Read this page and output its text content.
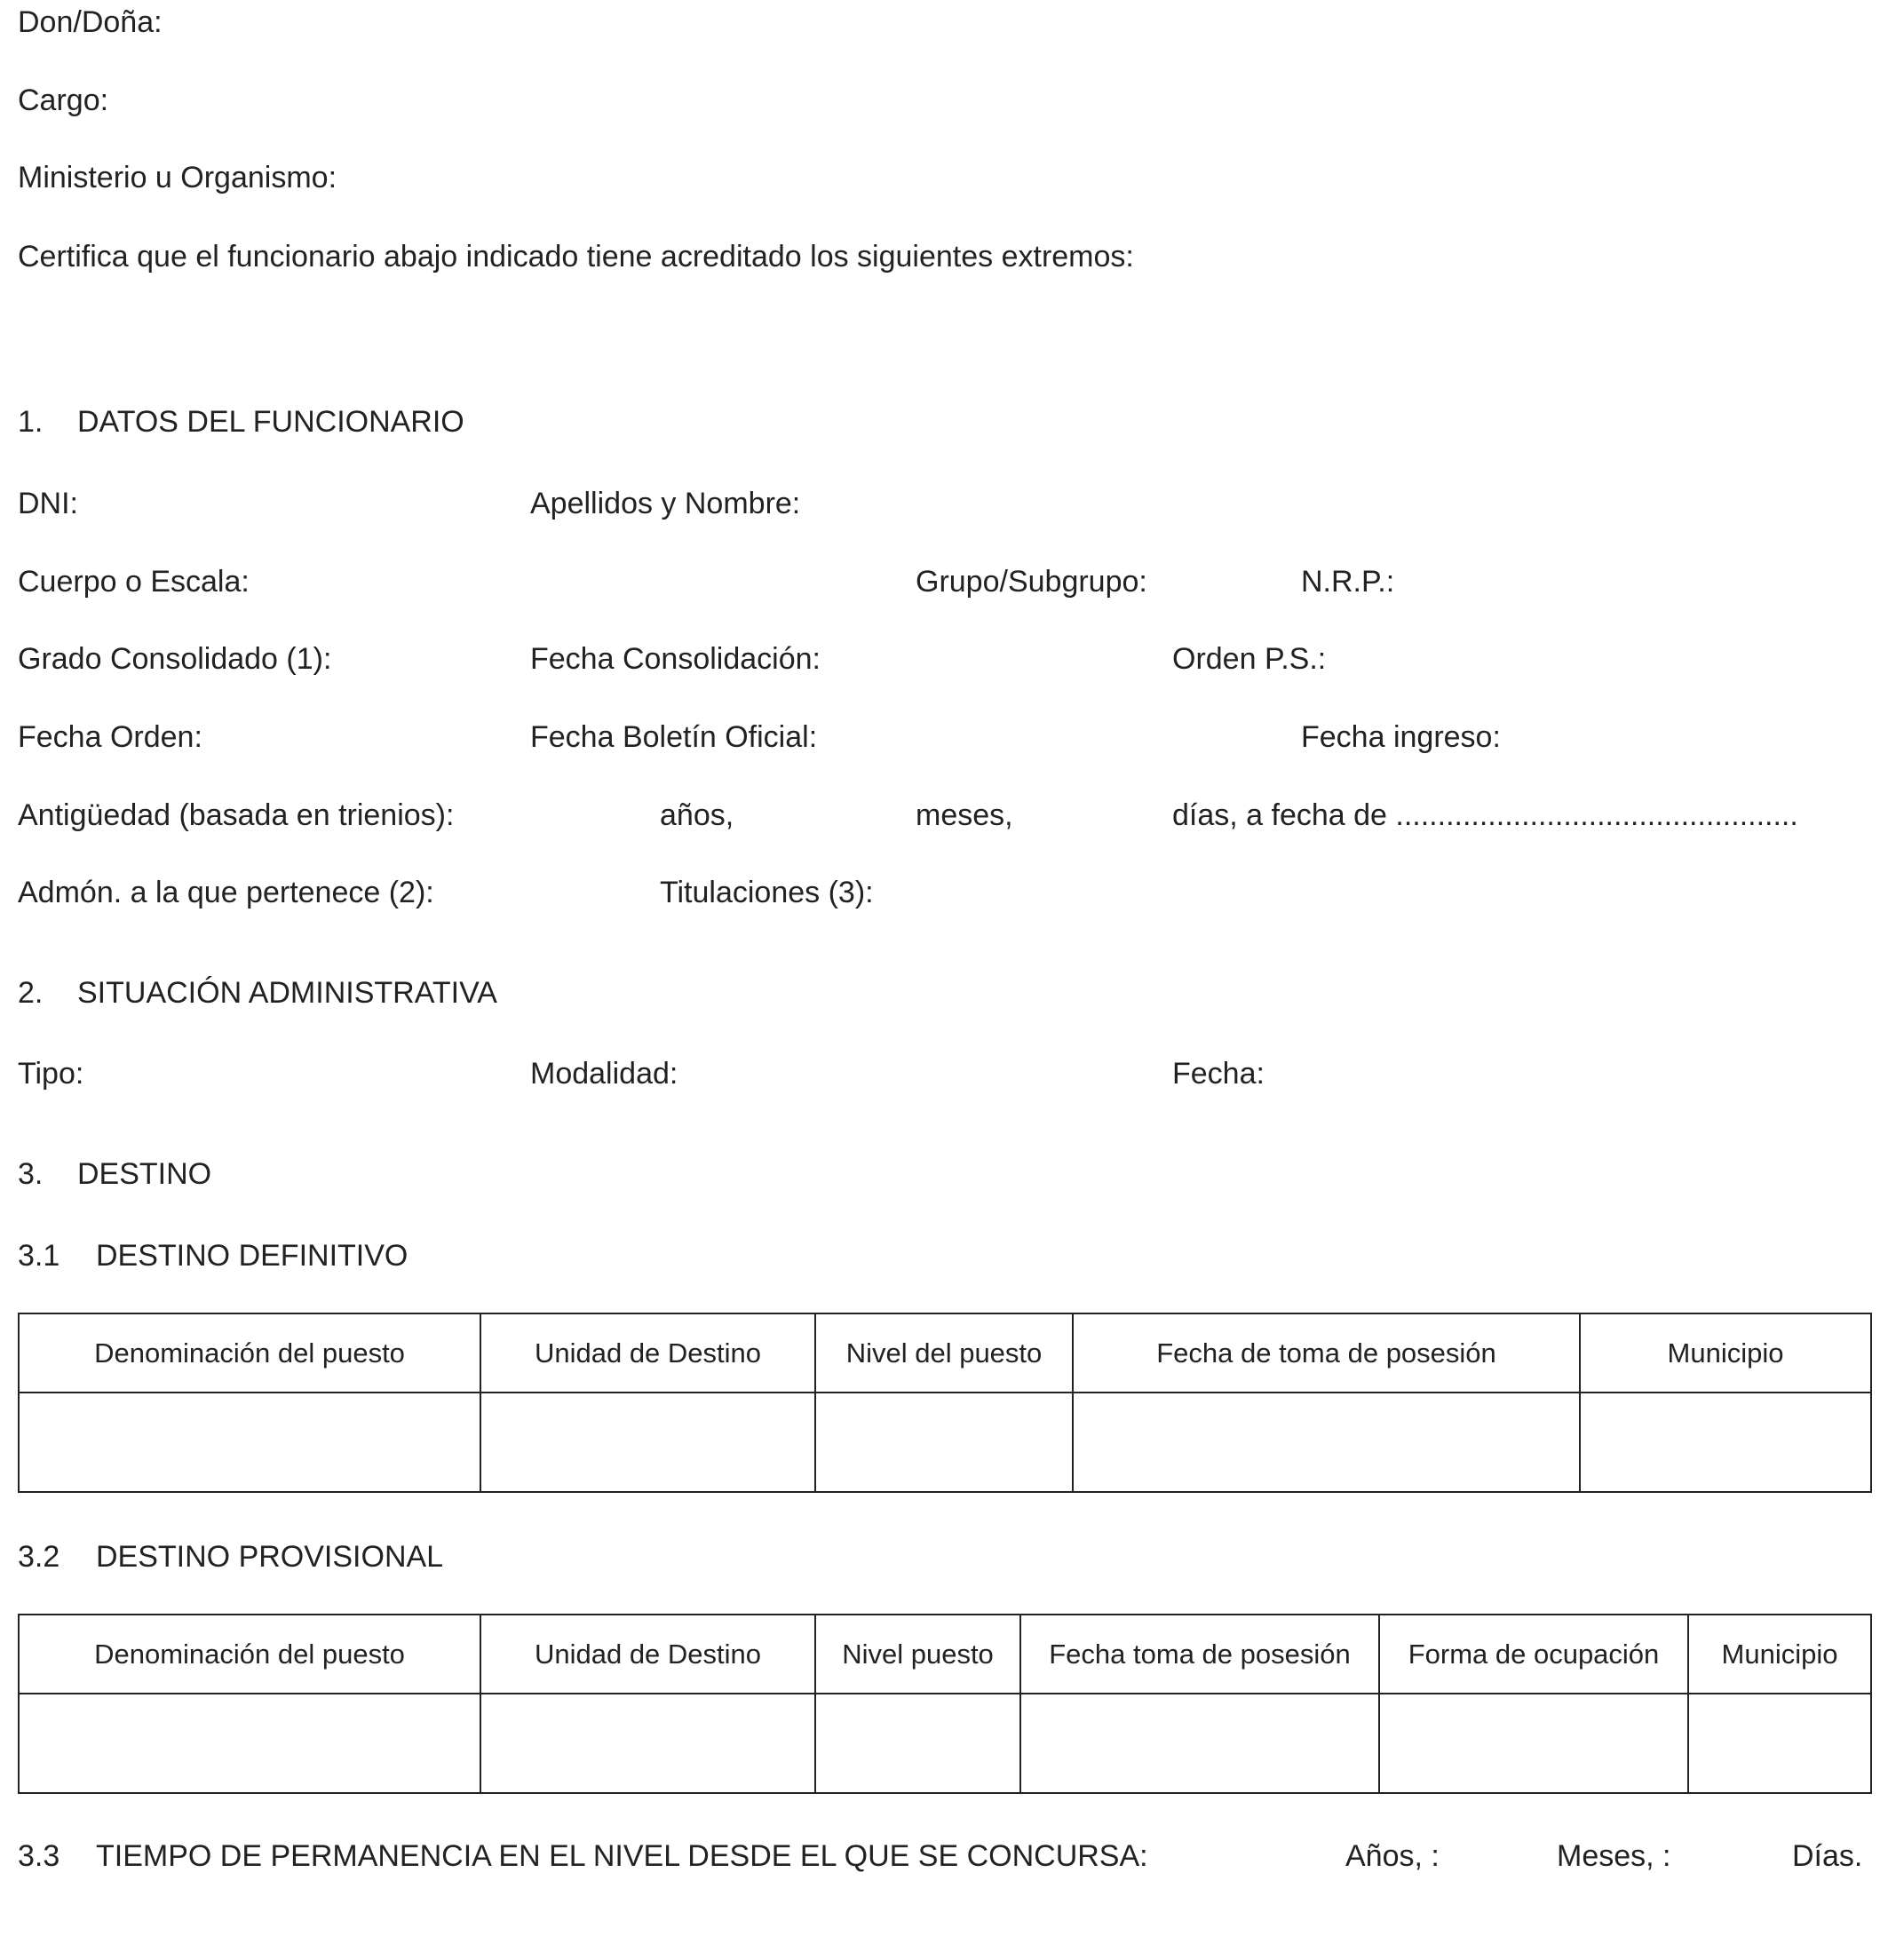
Don/Doña:
Cargo:
Ministerio u Organismo:
Certifica que el funcionario abajo indicado tiene acreditado los siguientes extremos:
1. DATOS DEL FUNCIONARIO
DNI:	Apellidos y Nombre:
Cuerpo o Escala:	Grupo/Subgrupo:	N.R.P.:
Grado Consolidado (1):	Fecha Consolidación:	Orden P.S.:
Fecha Orden:	Fecha Boletín Oficial:	Fecha ingreso:
Antigüedad (basada en trienios):	años,	meses,	días, a fecha de ................................................
Admón. a la que pertenece (2):	Titulaciones (3):
2. SITUACIÓN ADMINISTRATIVA
Tipo:	Modalidad:	Fecha:
3. DESTINO
3.1 DESTINO DEFINITIVO
Denominación del puesto	Unidad de Destino	Nivel del puesto	Fecha de toma de posesión	Municipio

3.2 DESTINO PROVISIONAL
Denominación del puesto	Unidad de Destino	Nivel puesto	Fecha toma de posesión	Forma de ocupación	Municipio

3.3 TIEMPO DE PERMANENCIA EN EL NIVEL DESDE EL QUE SE CONCURSA:	Años, :	Meses, :	Días.
